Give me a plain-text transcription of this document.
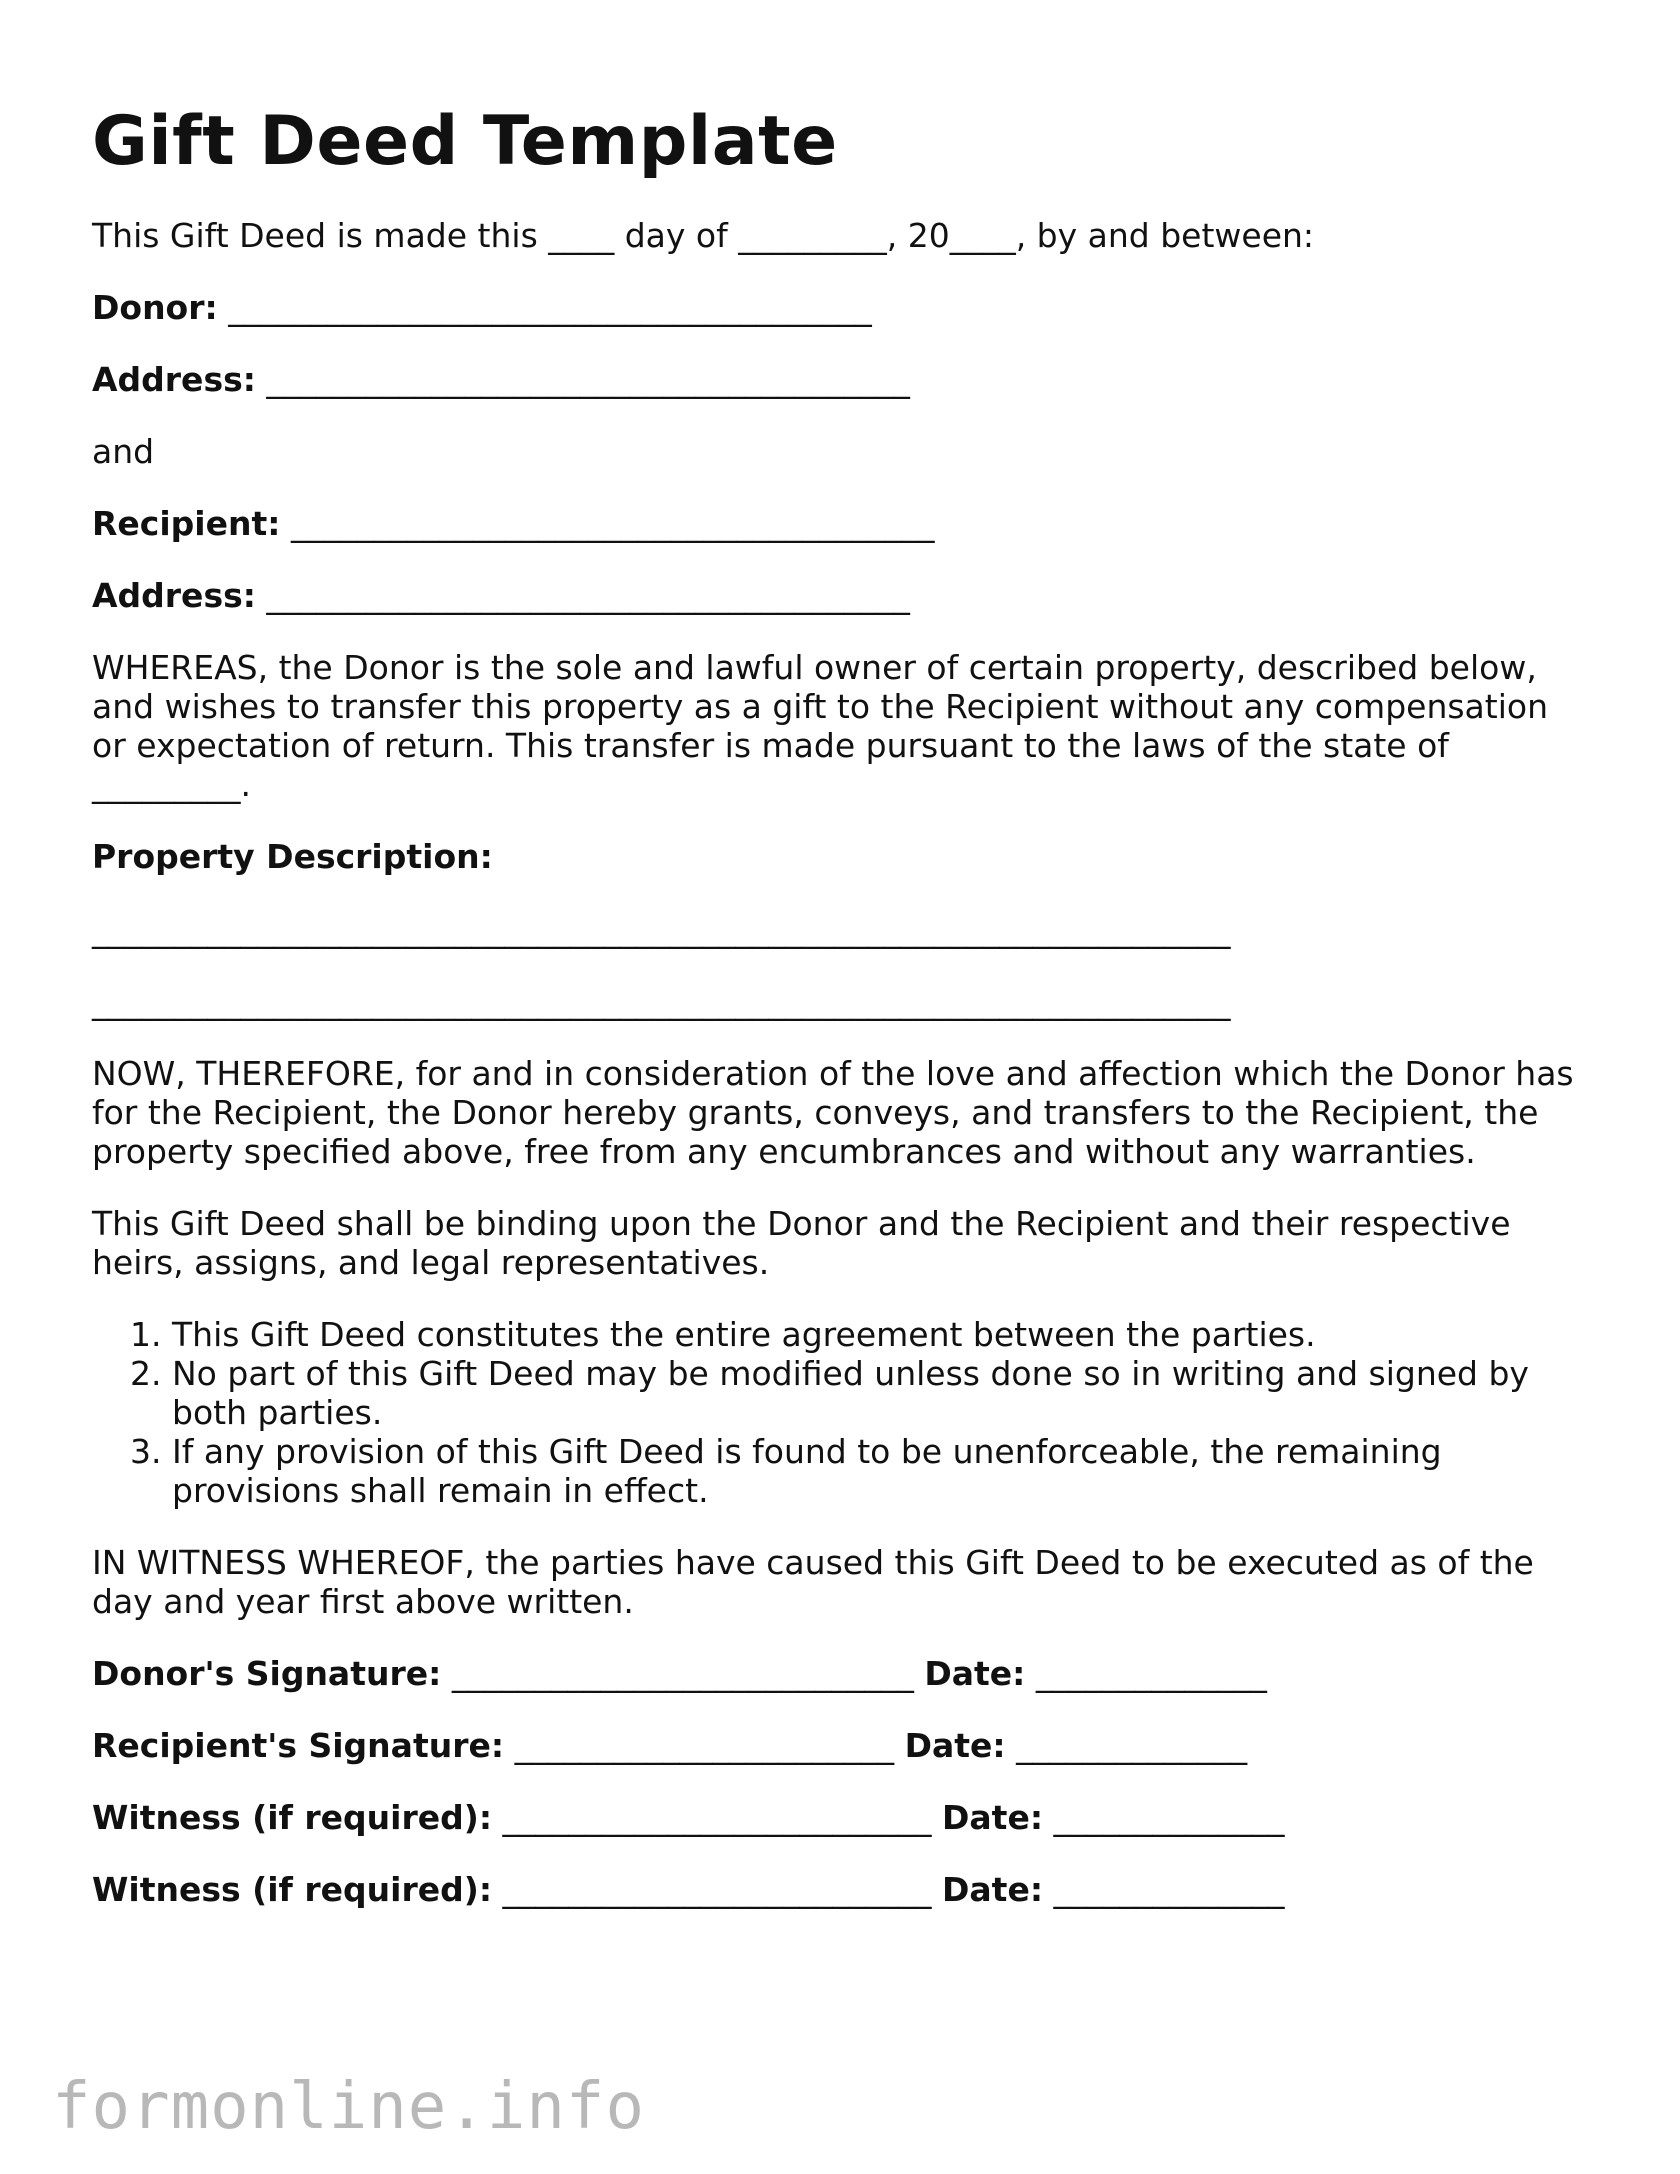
Gift Deed Template
This Gift Deed is made this ____ day of _________, 20____, by and between:
Donor: _______________________________________
Address: _______________________________________
and
Recipient: _______________________________________
Address: _______________________________________
WHEREAS, the Donor is the sole and lawful owner of certain property, described below, and wishes to transfer this property as a gift to the Recipient without any compensation or expectation of return. This transfer is made pursuant to the laws of the state of _________.
Property Description:
_____________________________________________________________________
_____________________________________________________________________
NOW, THEREFORE, for and in consideration of the love and affection which the Donor has for the Recipient, the Donor hereby grants, conveys, and transfers to the Recipient, the property specified above, free from any encumbrances and without any warranties.
This Gift Deed shall be binding upon the Donor and the Recipient and their respective heirs, assigns, and legal representatives.
1. This Gift Deed constitutes the entire agreement between the parties.
2. No part of this Gift Deed may be modified unless done so in writing and signed by both parties.
3. If any provision of this Gift Deed is found to be unenforceable, the remaining provisions shall remain in effect.
IN WITNESS WHEREOF, the parties have caused this Gift Deed to be executed as of the day and year first above written.
Donor's Signature: ____________________________ Date: ______________
Recipient's Signature: _______________________ Date: ______________
Witness (if required): __________________________ Date: ______________
Witness (if required): __________________________ Date: ______________
formonline.info
